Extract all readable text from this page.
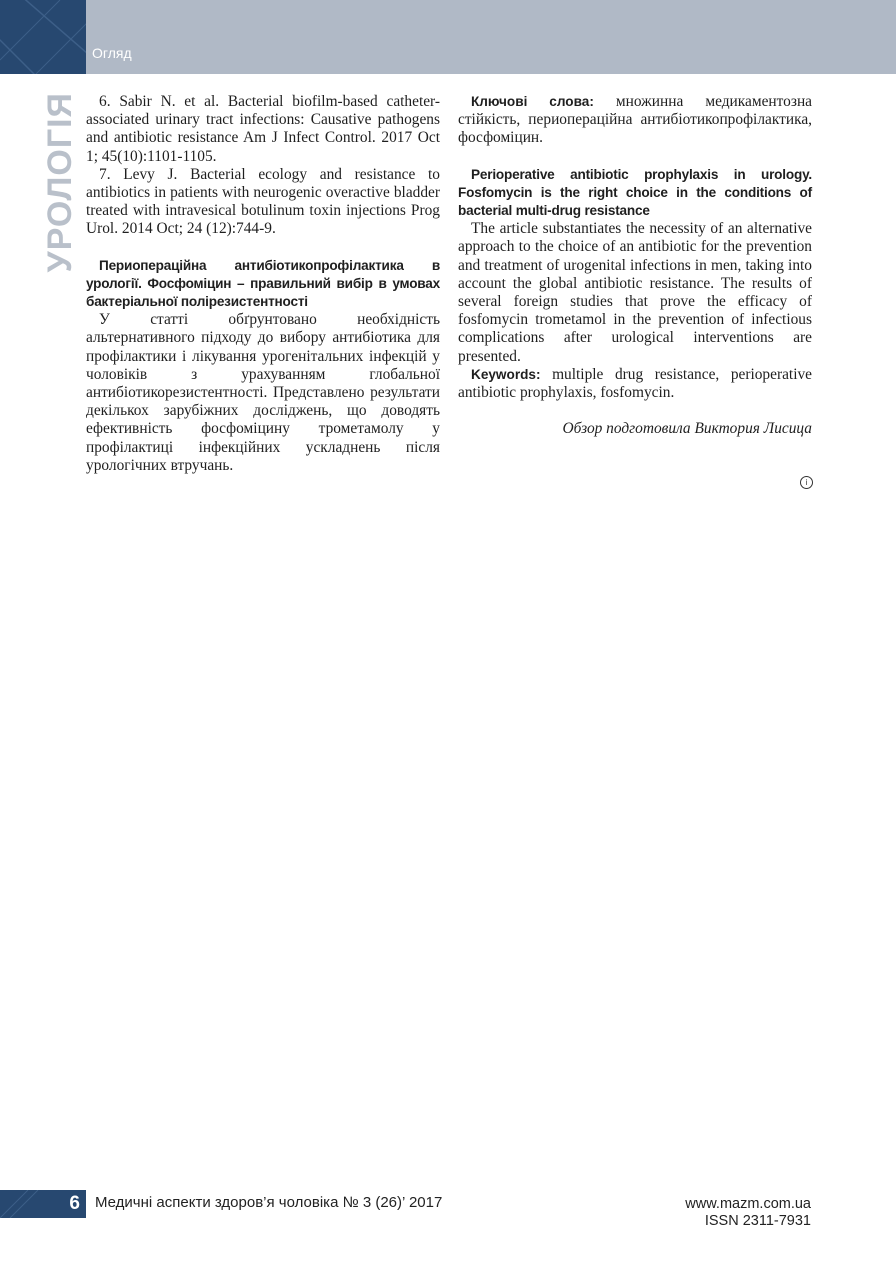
Огляд
УРОЛОГІЯ	6. Sabir N. et al. Bacterial biofilm-based catheter-associated urinary tract infections: Causative pathogens and antibiotic resistance Am J Infect Control. 2017 Oct 1; 45(10):1101-1105.

7. Levy J. Bacterial ecology and resistance to antibiotics in patients with neurogenic overactive bladder treated with intravesical botulinum toxin injections Prog Urol. 2014 Oct; 24 (12):744-9.

Периопераційна антибіотикопрофілактика в урології. Фосфоміцин – правильний вибір в умовах бактеріальної полірезистентності

У статті обґрунтовано необхідність альтернативного підходу до вибору антибіотика для профілактики і лікування урогенітальних інфекцій у чоловіків з урахуванням глобальної антибіотикорезистентності. Представлено результати декількох зарубіжних досліджень, що доводять ефективність фосфоміцину трометамолу у профілактиці інфекційних ускладнень після урологічних втручань.

Ключові слова: множинна медикаментозна стійкість, периопераційна антибіотикопрофілактика, фосфоміцин.

Perioperative antibiotic prophylaxis in urology. Fosfomycin is the right choice in the conditions of bacterial multi-drug resistance

The article substantiates the necessity of an alternative approach to the choice of an antibiotic for the prevention and treatment of urogenital infections in men, taking into account the global antibiotic resistance. The results of several foreign studies that prove the efficacy of fosfomycin trometamol in the prevention of infectious complications after urological interventions are presented.

Keywords: multiple drug resistance, perioperative antibiotic prophylaxis, fosfomycin.

Обзор подготовила Виктория Лисица

i
6 Медичні аспекти здоров’я чоловіка № 3 (26)’ 2017	www.mazm.com.ua
ISSN 2311-7931
